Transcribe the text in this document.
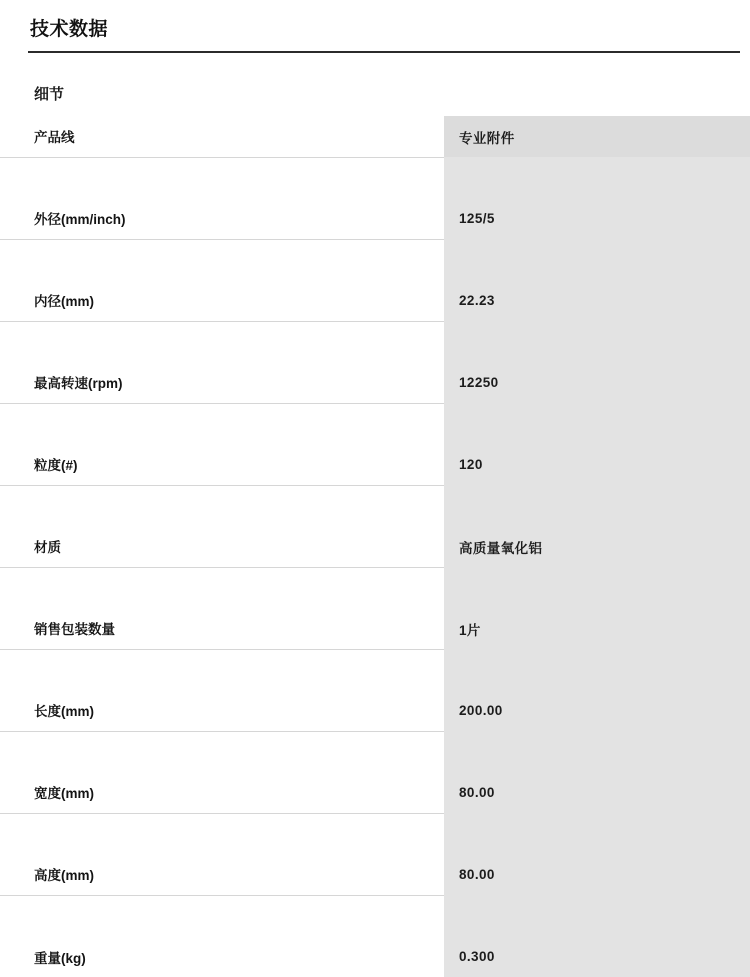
技术数据
细节
产品线	专业附件

外径(mm/inch)	125/5

内径(mm)	22.23

最高转速(rpm)	12250

粒度(#)	120

材质	高质量氧化铝

销售包装数量	1片

长度(mm)	200.00

宽度(mm)	80.00

高度(mm)	80.00

重量(kg)	0.300
